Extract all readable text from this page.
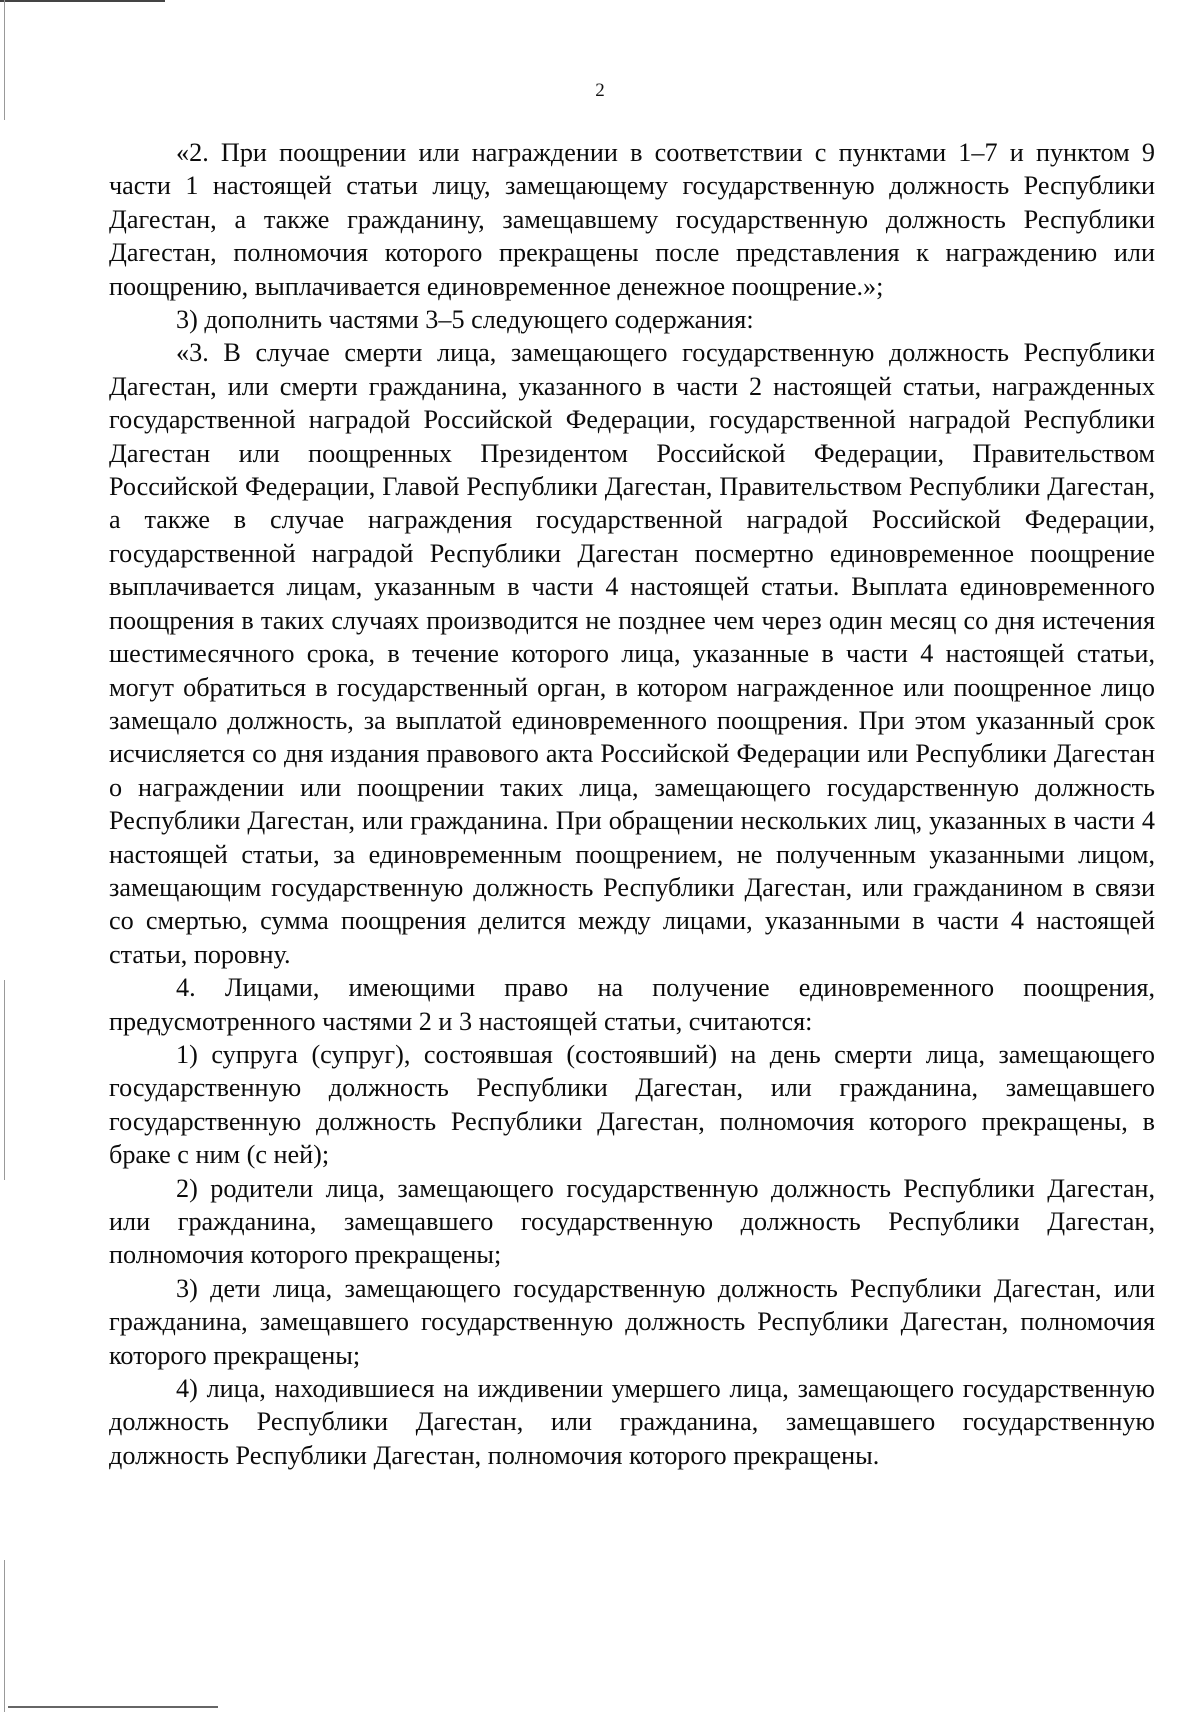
2

«2. При поощрении или награждении в соответствии с пунктами 1–7 и пунктом 9 части 1 настоящей статьи лицу, замещающему государственную должность Республики Дагестан, а также гражданину, замещавшему государственную должность Республики Дагестан, полномочия которого прекращены после представления к награждению или поощрению, выплачивается единовременное денежное поощрение.»;

3) дополнить частями 3–5 следующего содержания:

«3. В случае смерти лица, замещающего государственную должность Республики Дагестан, или смерти гражданина, указанного в части 2 настоящей статьи, награжденных государственной наградой Российской Федерации, государственной наградой Республики Дагестан или поощренных Президентом Российской Федерации, Правительством Российской Федерации, Главой Республики Дагестан, Правительством Республики Дагестан, а также в случае награждения государственной наградой Российской Федерации, государственной наградой Республики Дагестан посмертно единовременное поощрение выплачивается лицам, указанным в части 4 настоящей статьи. Выплата единовременного поощрения в таких случаях производится не позднее чем через один месяц со дня истечения шестимесячного срока, в течение которого лица, указанные в части 4 настоящей статьи, могут обратиться в государственный орган, в котором награжденное или поощренное лицо замещало должность, за выплатой единовременного поощрения. При этом указанный срок исчисляется со дня издания правового акта Российской Федерации или Республики Дагестан о награждении или поощрении таких лица, замещающего государственную должность Республики Дагестан, или гражданина. При обращении нескольких лиц, указанных в части 4 настоящей статьи, за единовременным поощрением, не полученным указанными лицом, замещающим государственную должность Республики Дагестан, или гражданином в связи со смертью, сумма поощрения делится между лицами, указанными в части 4 настоящей статьи, поровну.

4. Лицами, имеющими право на получение единовременного поощрения, предусмотренного частями 2 и 3 настоящей статьи, считаются:

1) супруга (супруг), состоявшая (состоявший) на день смерти лица, замещающего государственную должность Республики Дагестан, или гражданина, замещавшего государственную должность Республики Дагестан, полномочия которого прекращены, в браке с ним (с ней);

2) родители лица, замещающего государственную должность Республики Дагестан, или гражданина, замещавшего государственную должность Республики Дагестан, полномочия которого прекращены;

3) дети лица, замещающего государственную должность Республики Дагестан, или гражданина, замещавшего государственную должность Республики Дагестан, полномочия которого прекращены;

4) лица, находившиеся на иждивении умершего лица, замещающего государственную должность Республики Дагестан, или гражданина, замещавшего государственную должность Республики Дагестан, полномочия которого прекращены.
